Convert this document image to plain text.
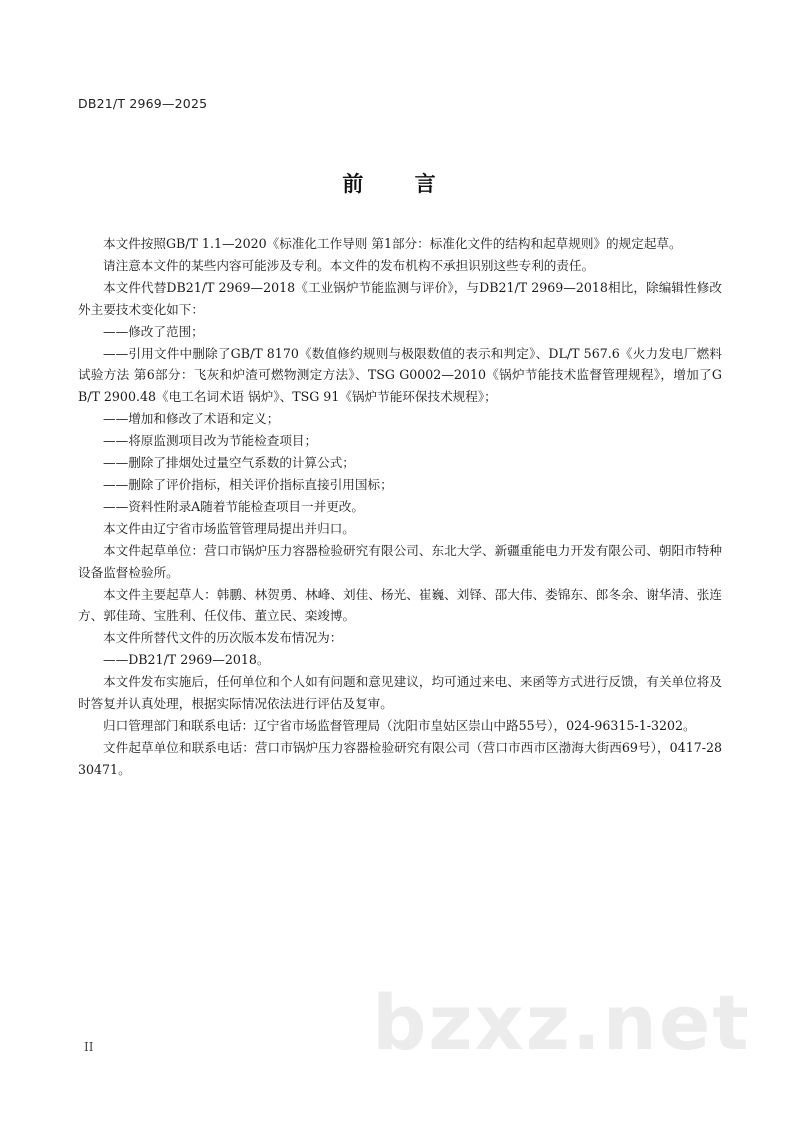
DB21/T 2969—2025
前 言

本文件按照GB/T 1.1—2020《标准化工作导则 第1部分：标准化文件的结构和起草规则》的规定起草。

请注意本文件的某些内容可能涉及专利。本文件的发布机构不承担识别这些专利的责任。

本文件代替DB21/T 2969—2018《工业锅炉节能监测与评价》，与DB21/T 2969—2018相比，除编辑性修改外主要技术变化如下：

——修改了范围；

——引用文件中删除了GB/T 8170《数值修约规则与极限数值的表示和判定》、DL/T 567.6《火力发电厂燃料试验方法 第6部分：飞灰和炉渣可燃物测定方法》、TSG G0002—2010《锅炉节能技术监督管理规程》，增加了GB/T 2900.48《电工名词术语 锅炉》、TSG 91《锅炉节能环保技术规程》；

——增加和修改了术语和定义；

——将原监测项目改为节能检查项目；

——删除了排烟处过量空气系数的计算公式；

——删除了评价指标，相关评价指标直接引用国标；

——资料性附录A随着节能检查项目一并更改。

本文件由辽宁省市场监管管理局提出并归口。

本文件起草单位：营口市锅炉压力容器检验研究有限公司、东北大学、新疆重能电力开发有限公司、朝阳市特种设备监督检验所。

本文件主要起草人：韩鹏、林贺勇、林峰、刘佳、杨光、崔巍、刘铎、邵大伟、娄锦东、郎冬余、谢华清、张连方、郭佳琦、宝胜利、任仪伟、董立民、栾竣博。

本文件所替代文件的历次版本发布情况为：

——DB21/T 2969—2018。

本文件发布实施后，任何单位和个人如有问题和意见建议，均可通过来电、来函等方式进行反馈，有关单位将及时答复并认真处理，根据实际情况依法进行评估及复审。

归口管理部门和联系电话：辽宁省市场监督管理局（沈阳市皇姑区崇山中路55号），024-96315-1-3202。

文件起草单位和联系电话：营口市锅炉压力容器检验研究有限公司（营口市西市区渤海大街西69号），0417-2830471。

bzxz.net
II
